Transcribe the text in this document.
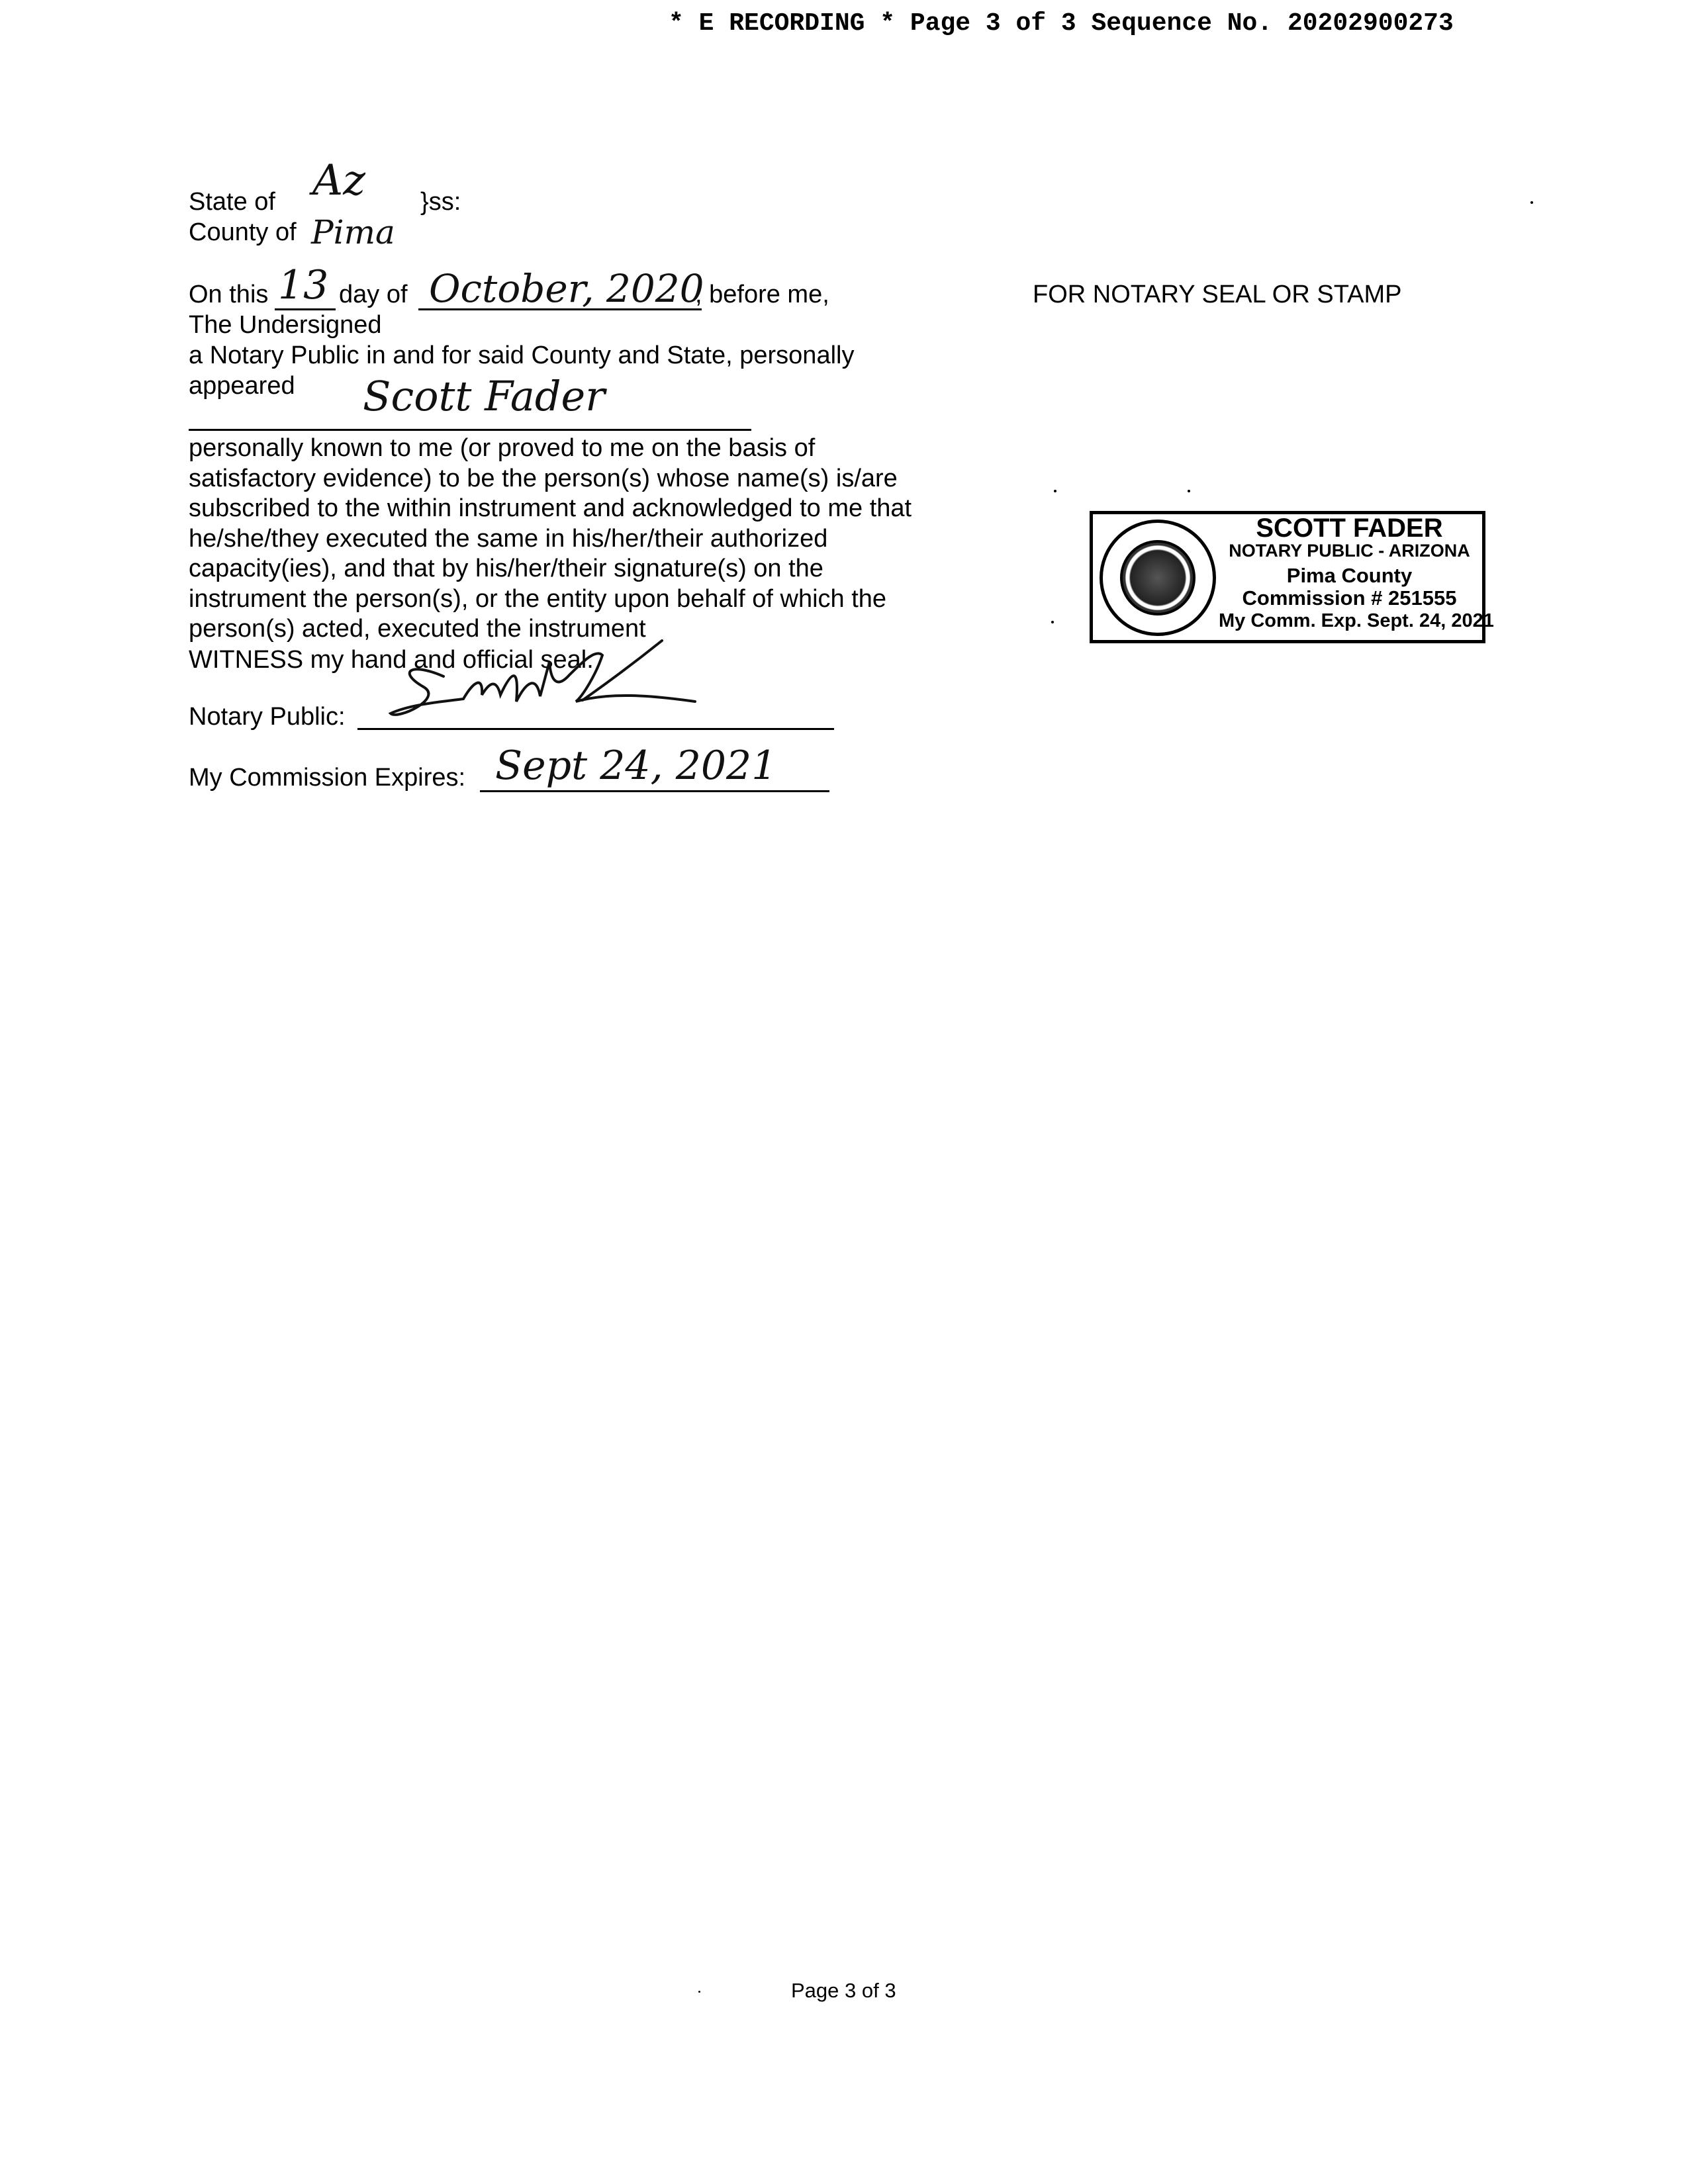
* E RECORDING * Page 3 of 3 Sequence No. 20202900273
State of Az }ss:
County of Pima
On this 13 day of October, 2020
, before me,
The Undersigned
a Notary Public in and for said County and State, personally
appeared Scott Fader
personally known to me (or proved to me on the basis of
satisfactory evidence) to be the person(s) whose name(s) is/are
subscribed to the within instrument and acknowledged to me that
he/she/they executed the same in his/her/their authorized
capacity(ies), and that by his/her/their signature(s) on the
instrument the person(s), or the entity upon behalf of which the
person(s) acted, executed the instrument
WITNESS my hand and official seal.
Notary Public:
My Commission Expires: Sept 24, 2021
FOR NOTARY SEAL OR STAMP
SCOTT FADER
NOTARY PUBLIC - ARIZONA
Pima County
Commission # 251555
My Comm. Exp. Sept. 24, 2021
Page 3 of 3
